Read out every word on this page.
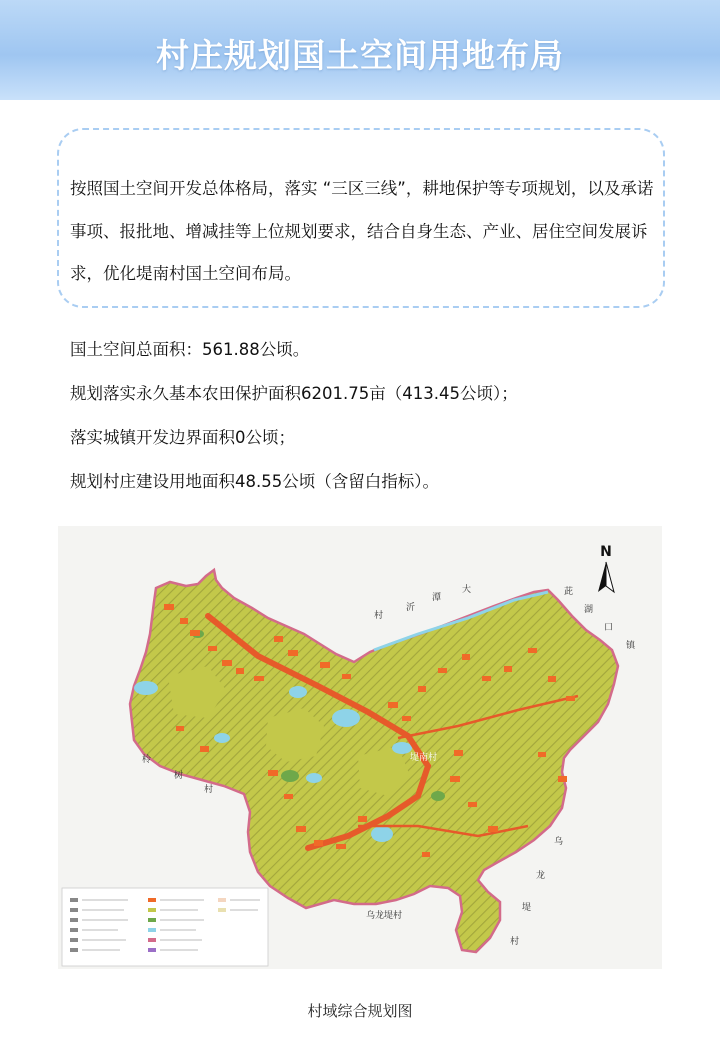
村庄规划国土空间用地布局

按照国土空间开发总体格局，落实 “三区三线”，耕地保护等专项规划，以及承诺事项、报批地、增减挂等上位规划要求，结合自身生态、产业、居住空间发展诉求，优化堤南村国土空间布局。

国土空间总面积：561.88公顷。
规划落实永久基本农田保护面积6201.75亩（413.45公顷）；
落实城镇开发边界面积0公顷；
规划村庄建设用地面积48.55公顷（含留白指标）。
N
村
沂
潭
大	茈
湖
口
镇
柃
树
村
乌龙堤村
乌
龙
堤
村
堤南村
村域综合规划图
